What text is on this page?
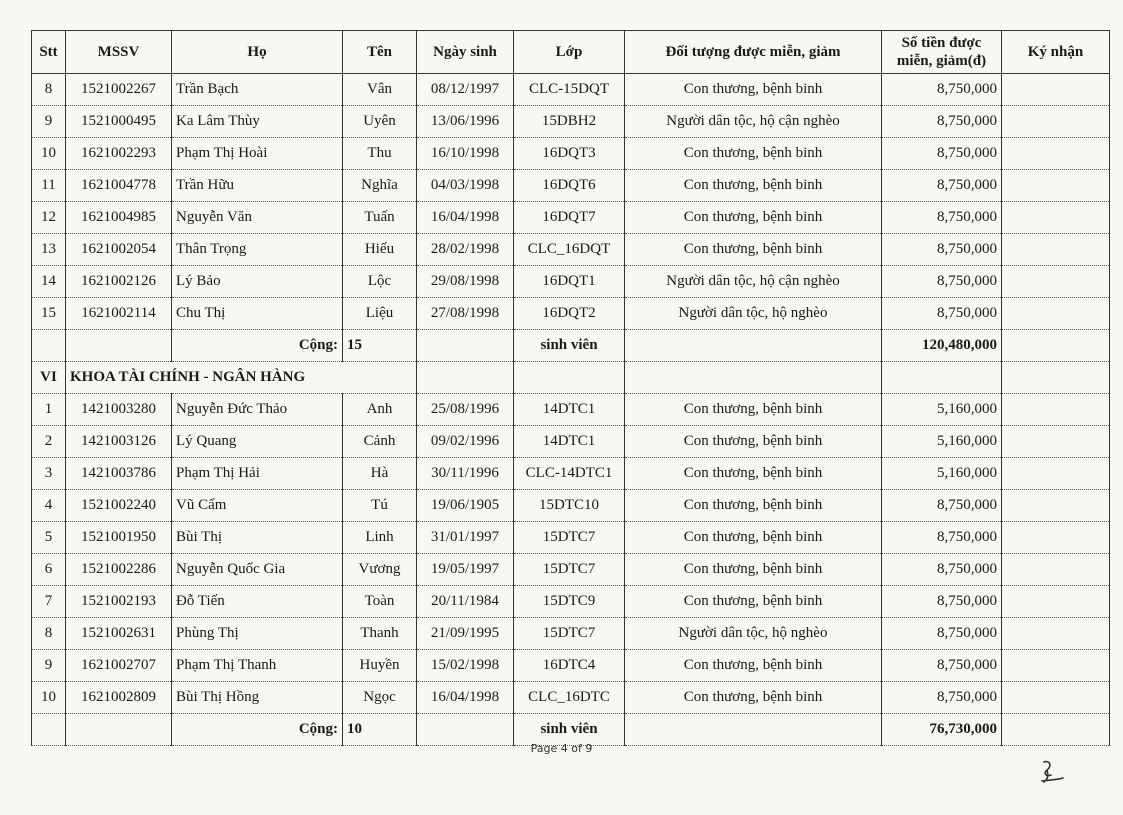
Stt	MSSV	Họ	Tên	Ngày sinh	Lớp	Đối tượng được miễn, giảm	Số tiền được miễn, giảm(đ)	Ký nhận
8	1521002267	Trần Bạch	Vân	08/12/1997	CLC-15DQT	Con thương, bệnh binh	8,750,000	
9	1521000495	Ka Lâm Thùy	Uyên	13/06/1996	15DBH2	Người dân tộc, hộ cận nghèo	8,750,000	
10	1621002293	Phạm Thị Hoài	Thu	16/10/1998	16DQT3	Con thương, bệnh binh	8,750,000	
11	1621004778	Trần Hữu	Nghĩa	04/03/1998	16DQT6	Con thương, bệnh binh	8,750,000	
12	1621004985	Nguyễn Văn	Tuấn	16/04/1998	16DQT7	Con thương, bệnh binh	8,750,000	
13	1621002054	Thân Trọng	Hiếu	28/02/1998	CLC_16DQT	Con thương, bệnh binh	8,750,000	
14	1621002126	Lý Bảo	Lộc	29/08/1998	16DQT1	Người dân tộc, hộ cận nghèo	8,750,000	
15	1621002114	Chu Thị	Liệu	27/08/1998	16DQT2	Người dân tộc, hộ nghèo	8,750,000	
		Cộng:	15		sinh viên		120,480,000	
VI	KHOA TÀI CHÍNH - NGÂN HÀNG							
1	1421003280	Nguyễn Đức Thảo	Anh	25/08/1996	14DTC1	Con thương, bệnh binh	5,160,000	
2	1421003126	Lý Quang	Cảnh	09/02/1996	14DTC1	Con thương, bệnh binh	5,160,000	
3	1421003786	Phạm Thị Hải	Hà	30/11/1996	CLC-14DTC1	Con thương, bệnh binh	5,160,000	
4	1521002240	Vũ Cẩm	Tú	19/06/1905	15DTC10	Con thương, bệnh binh	8,750,000	
5	1521001950	Bùi Thị	Linh	31/01/1997	15DTC7	Con thương, bệnh binh	8,750,000	
6	1521002286	Nguyễn Quốc Gia	Vương	19/05/1997	15DTC7	Con thương, bệnh binh	8,750,000	
7	1521002193	Đỗ Tiến	Toàn	20/11/1984	15DTC9	Con thương, bệnh binh	8,750,000	
8	1521002631	Phùng Thị	Thanh	21/09/1995	15DTC7	Người dân tộc, hộ nghèo	8,750,000	
9	1621002707	Phạm Thị Thanh	Huyền	15/02/1998	16DTC4	Con thương, bệnh binh	8,750,000	
10	1621002809	Bùi Thị Hồng	Ngọc	16/04/1998	CLC_16DTC	Con thương, bệnh binh	8,750,000	
		Cộng:	10		sinh viên		76,730,000	
Page 4 of 9
